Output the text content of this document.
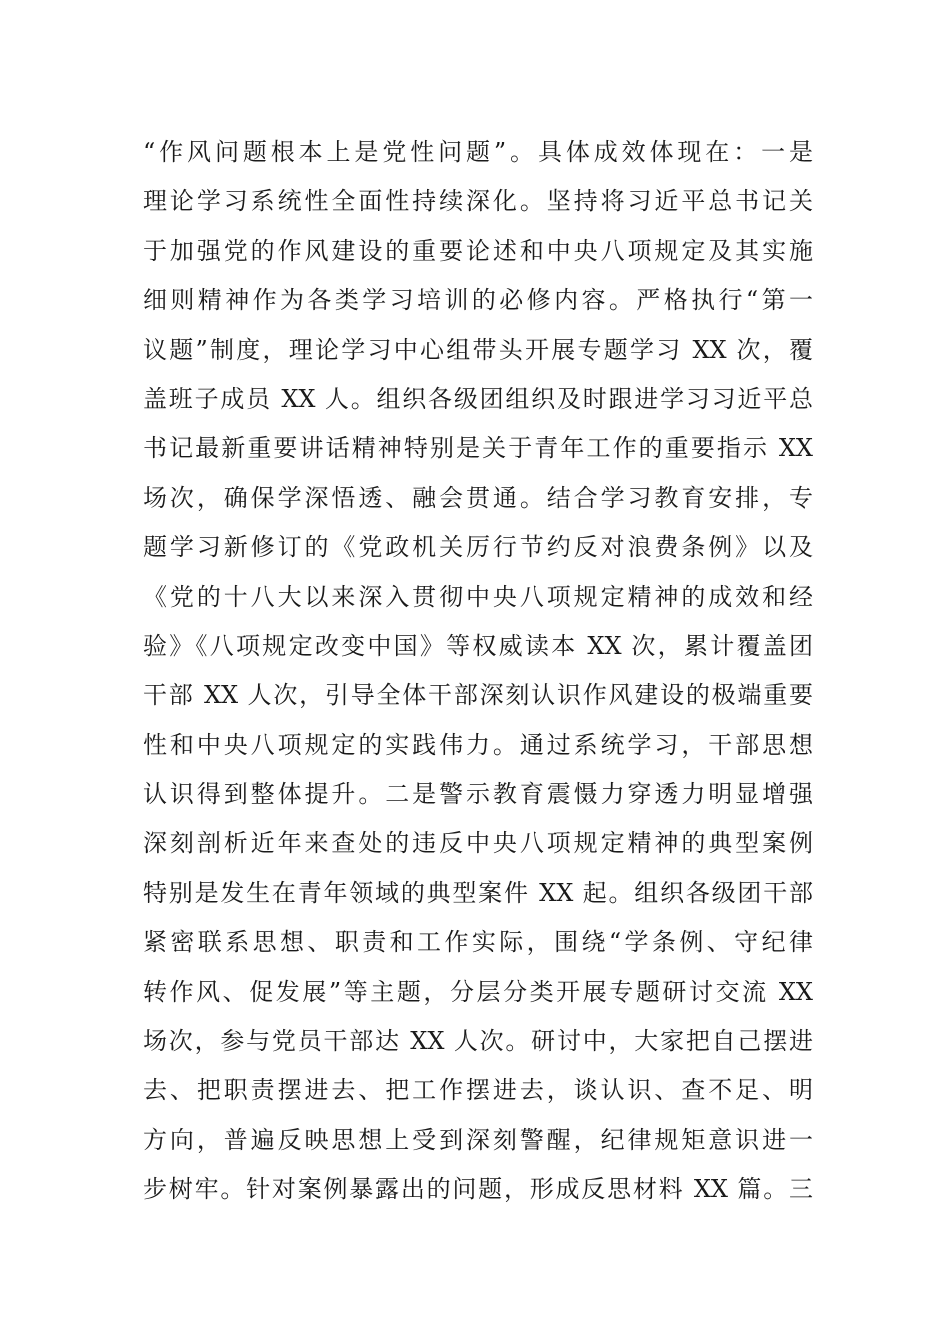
“作风问题根本上是党性问题”。具体成效体现在：一是
理论学习系统性全面性持续深化。坚持将习近平总书记关
于加强党的作风建设的重要论述和中央八项规定及其实施
细则精神作为各类学习培训的必修内容。严格执行“第一
议题”制度，理论学习中心组带头开展专题学习 XX 次，覆
盖班子成员 XX 人。组织各级团组织及时跟进学习习近平总
书记最新重要讲话精神特别是关于青年工作的重要指示 XX
场次，确保学深悟透、融会贯通。结合学习教育安排，专
题学习新修订的《党政机关厉行节约反对浪费条例》以及
《党的十八大以来深入贯彻中央八项规定精神的成效和经
验》《八项规定改变中国》等权威读本 XX 次，累计覆盖团
干部 XX 人次，引导全体干部深刻认识作风建设的极端重要
性和中央八项规定的实践伟力。通过系统学习，干部思想
认识得到整体提升。二是警示教育震慑力穿透力明显增强
深刻剖析近年来查处的违反中央八项规定精神的典型案例
特别是发生在青年领域的典型案件 XX 起。组织各级团干部
紧密联系思想、职责和工作实际，围绕“学条例、守纪律
转作风、促发展”等主题，分层分类开展专题研讨交流 XX
场次，参与党员干部达 XX 人次。研讨中，大家把自己摆进
去、把职责摆进去、把工作摆进去，谈认识、查不足、明
方向，普遍反映思想上受到深刻警醒，纪律规矩意识进一
步树牢。针对案例暴露出的问题，形成反思材料 XX 篇。三
